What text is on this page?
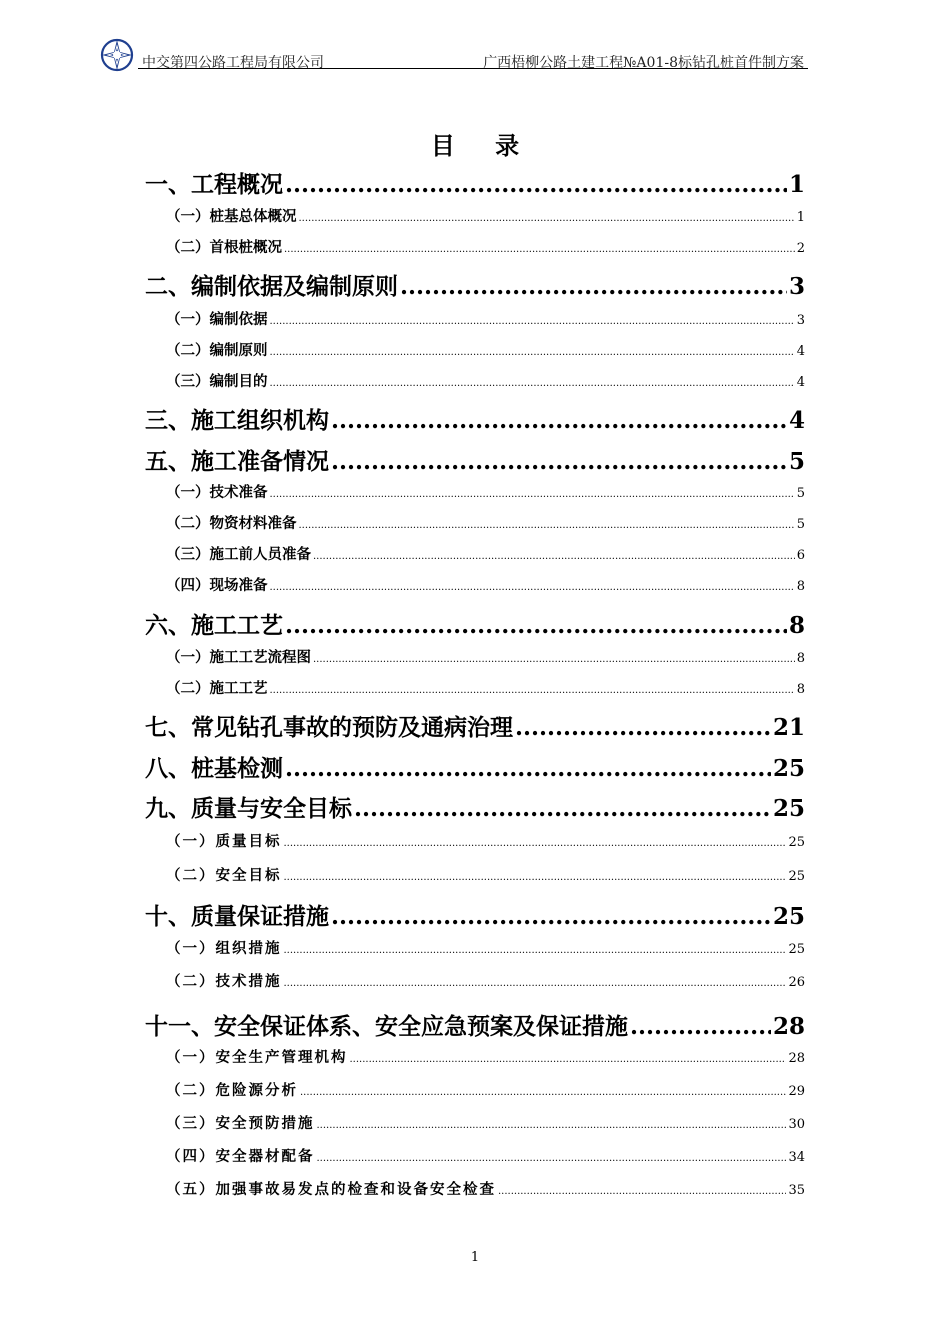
中交第四公路工程局有限公司	广西梧柳公路土建工程№A01-8标钻孔桩首件制方案
目 录
一、工程概况 .....	1
（一）桩基总体概况 .....	1
（二）首根桩概况 .....	2
二、编制依据及编制原则 .....	3
（一）编制依据 .....	3
（二）编制原则 .....	4
（三）编制目的 .....	4
三、施工组织机构 .....	4
五、施工准备情况 .....	5
（一）技术准备 .....	5
（二）物资材料准备 .....	5
（三）施工前人员准备 .....	6
（四）现场准备 .....	8
六、施工工艺 .....	8
（一）施工工艺流程图 .....	8
（二）施工工艺 .....	8
七、常见钻孔事故的预防及通病治理 .....	21
八、桩基检测 .....	25
九、质量与安全目标 .....	25
（一）质量目标 .....	25
（二）安全目标 .....	25
十、质量保证措施 .....	25
（一）组织措施 .....	25
（二）技术措施 .....	26
十一、安全保证体系、安全应急预案及保证措施 .....	28
（一）安全生产管理机构 .....	28
（二）危险源分析 .....	29
（三）安全预防措施 .....	30
（四）安全器材配备 .....	34
（五）加强事故易发点的检查和设备安全检查 .....	35
1
